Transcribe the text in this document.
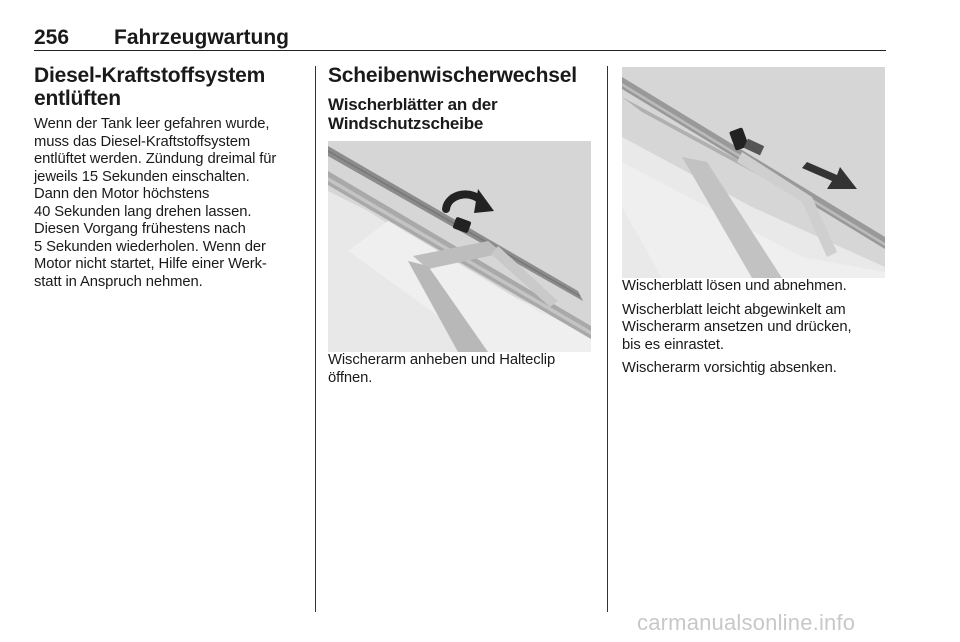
256 Fahrzeugwartung
Diesel-Kraftstoffsystem
entlüften

Wenn der Tank leer gefahren wurde,
muss das Diesel-Kraftstoffsystem
entlüftet werden. Zündung dreimal für
jeweils 15 Sekunden einschalten.
Dann den Motor höchstens
40 Sekunden lang drehen lassen.
Diesen Vorgang frühestens nach
5 Sekunden wiederholen. Wenn der
Motor nicht startet, Hilfe einer Werk-
statt in Anspruch nehmen.

Scheibenwischerwechsel
Wischerblätter an der
Windschutzscheibe

Wischerarm anheben und Halteclip
öffnen.

Wischerblatt lösen und abnehmen.

Wischerblatt leicht abgewinkelt am
Wischerarm ansetzen und drücken,
bis es einrastet.

Wischerarm vorsichtig absenken.

carmanualsonline.info
